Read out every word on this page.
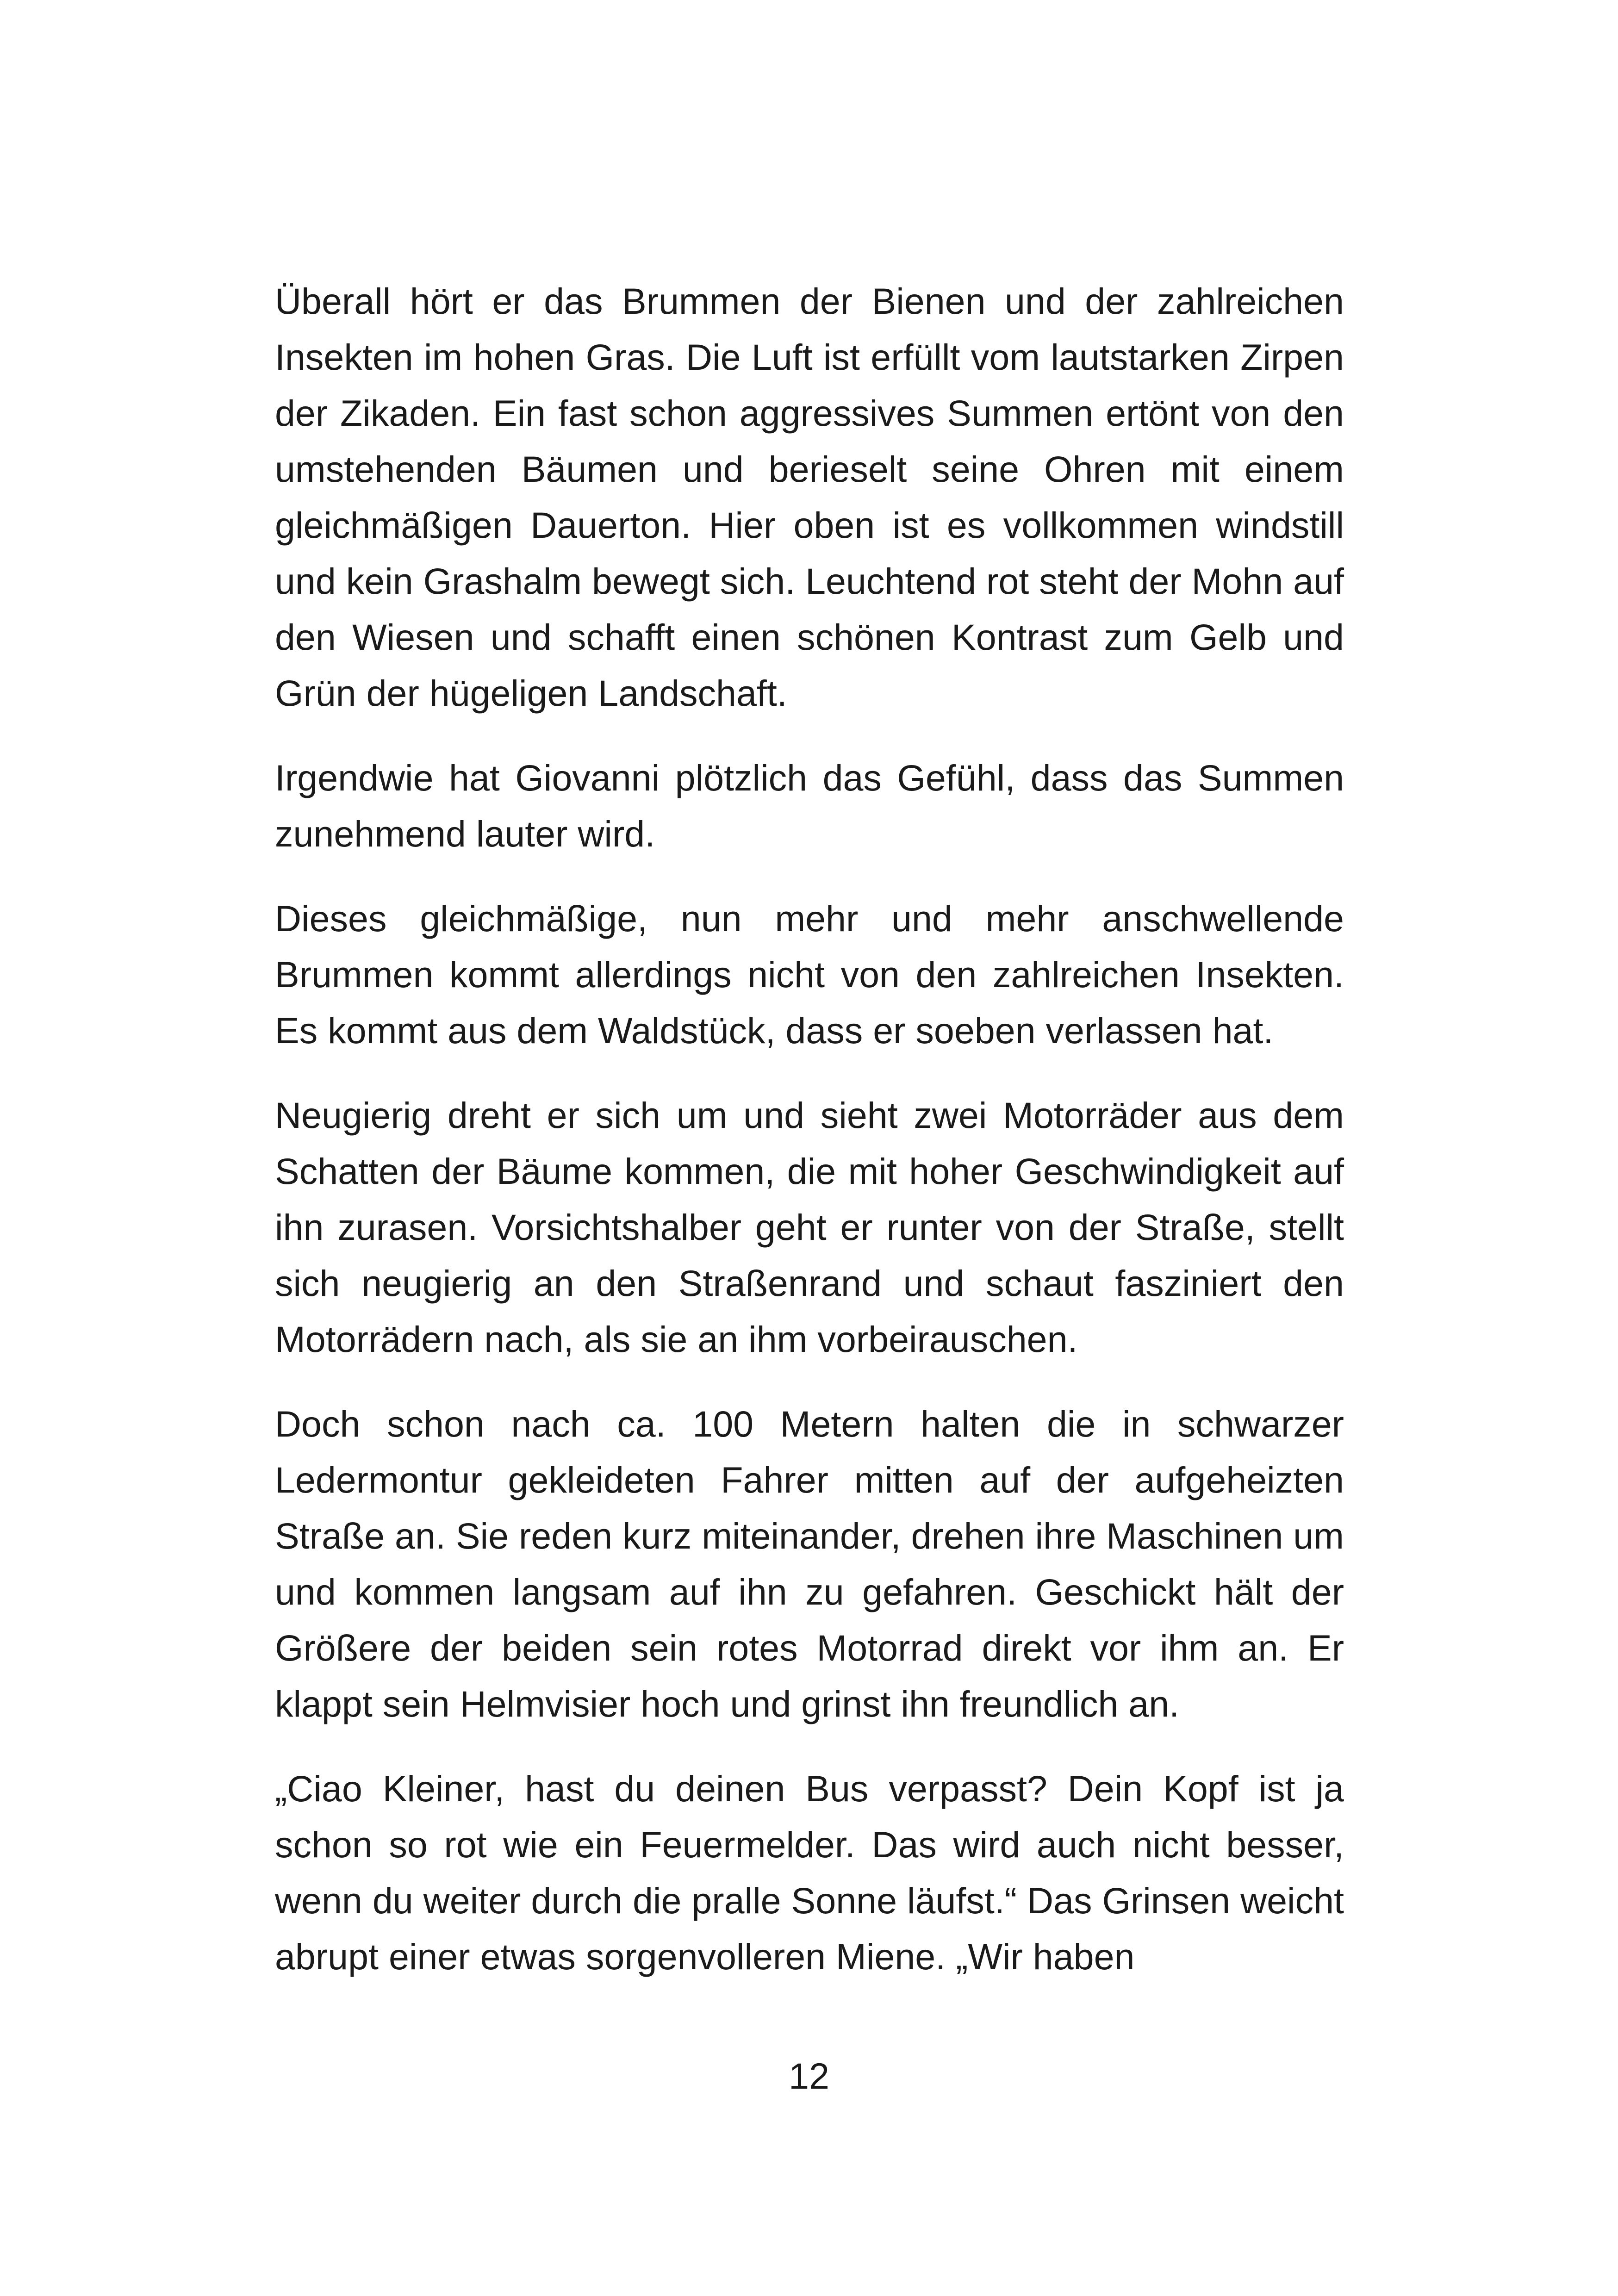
Überall hört er das Brummen der Bienen und der zahlreichen Insekten im hohen Gras. Die Luft ist erfüllt vom lautstarken Zirpen der Zikaden. Ein fast schon aggressives Summen ertönt von den umstehenden Bäumen und berieselt seine Ohren mit einem gleichmäßigen Dauerton. Hier oben ist es vollkommen windstill und kein Grashalm bewegt sich. Leuchtend rot steht der Mohn auf den Wiesen und schafft einen schönen Kontrast zum Gelb und Grün der hügeligen Landschaft.

Irgendwie hat Giovanni plötzlich das Gefühl, dass das Summen zunehmend lauter wird.

Dieses gleichmäßige, nun mehr und mehr anschwellende Brummen kommt allerdings nicht von den zahlreichen Insekten. Es kommt aus dem Waldstück, dass er soeben verlassen hat.

Neugierig dreht er sich um und sieht zwei Motorräder aus dem Schatten der Bäume kommen, die mit hoher Geschwindigkeit auf ihn zurasen. Vorsichtshalber geht er runter von der Straße, stellt sich neugierig an den Straßenrand und schaut fasziniert den Motorrädern nach, als sie an ihm vorbeirauschen.

Doch schon nach ca. 100 Metern halten die in schwarzer Ledermontur gekleideten Fahrer mitten auf der aufgeheizten Straße an. Sie reden kurz miteinander, drehen ihre Maschinen um und kommen langsam auf ihn zu gefahren. Geschickt hält der Größere der beiden sein rotes Motorrad direkt vor ihm an. Er klappt sein Helmvisier hoch und grinst ihn freundlich an.

„Ciao Kleiner, hast du deinen Bus verpasst? Dein Kopf ist ja schon so rot wie ein Feuermelder. Das wird auch nicht besser, wenn du weiter durch die pralle Sonne läufst.“ Das Grinsen weicht abrupt einer etwas sorgenvolleren Miene. „Wir haben

12
